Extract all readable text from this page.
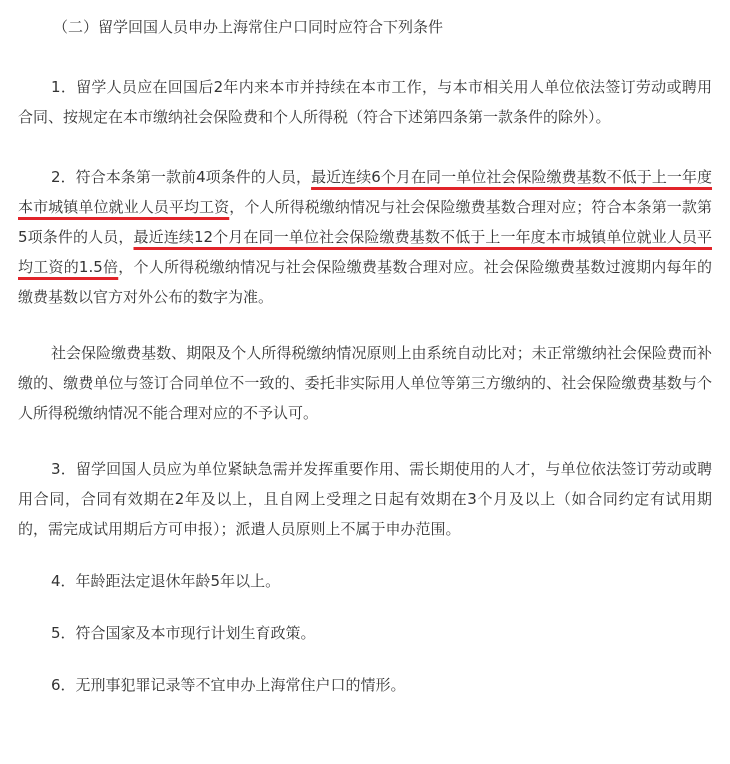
（二）留学回国人员申办上海常住户口同时应符合下列条件

1．留学人员应在回国后2年内来本市并持续在本市工作，与本市相关用人单位依法签订劳动或聘用合同、按规定在本市缴纳社会保险费和个人所得税（符合下述第四条第一款条件的除外）。

2．符合本条第一款前4项条件的人员，最近连续6个月在同一单位社会保险缴费基数不低于上一年度本市城镇单位就业人员平均工资，个人所得税缴纳情况与社会保险缴费基数合理对应；符合本条第一款第5项条件的人员，最近连续12个月在同一单位社会保险缴费基数不低于上一年度本市城镇单位就业人员平均工资的1.5倍，个人所得税缴纳情况与社会保险缴费基数合理对应。社会保险缴费基数过渡期内每年的缴费基数以官方对外公布的数字为准。

社会保险缴费基数、期限及个人所得税缴纳情况原则上由系统自动比对；未正常缴纳社会保险费而补缴的、缴费单位与签订合同单位不一致的、委托非实际用人单位等第三方缴纳的、社会保险缴费基数与个人所得税缴纳情况不能合理对应的不予认可。

3．留学回国人员应为单位紧缺急需并发挥重要作用、需长期使用的人才，与单位依法签订劳动或聘用合同，合同有效期在2年及以上，且自网上受理之日起有效期在3个月及以上（如合同约定有试用期的，需完成试用期后方可申报）；派遣人员原则上不属于申办范围。

4．年龄距法定退休年龄5年以上。

5．符合国家及本市现行计划生育政策。

6．无刑事犯罪记录等不宜申办上海常住户口的情形。
